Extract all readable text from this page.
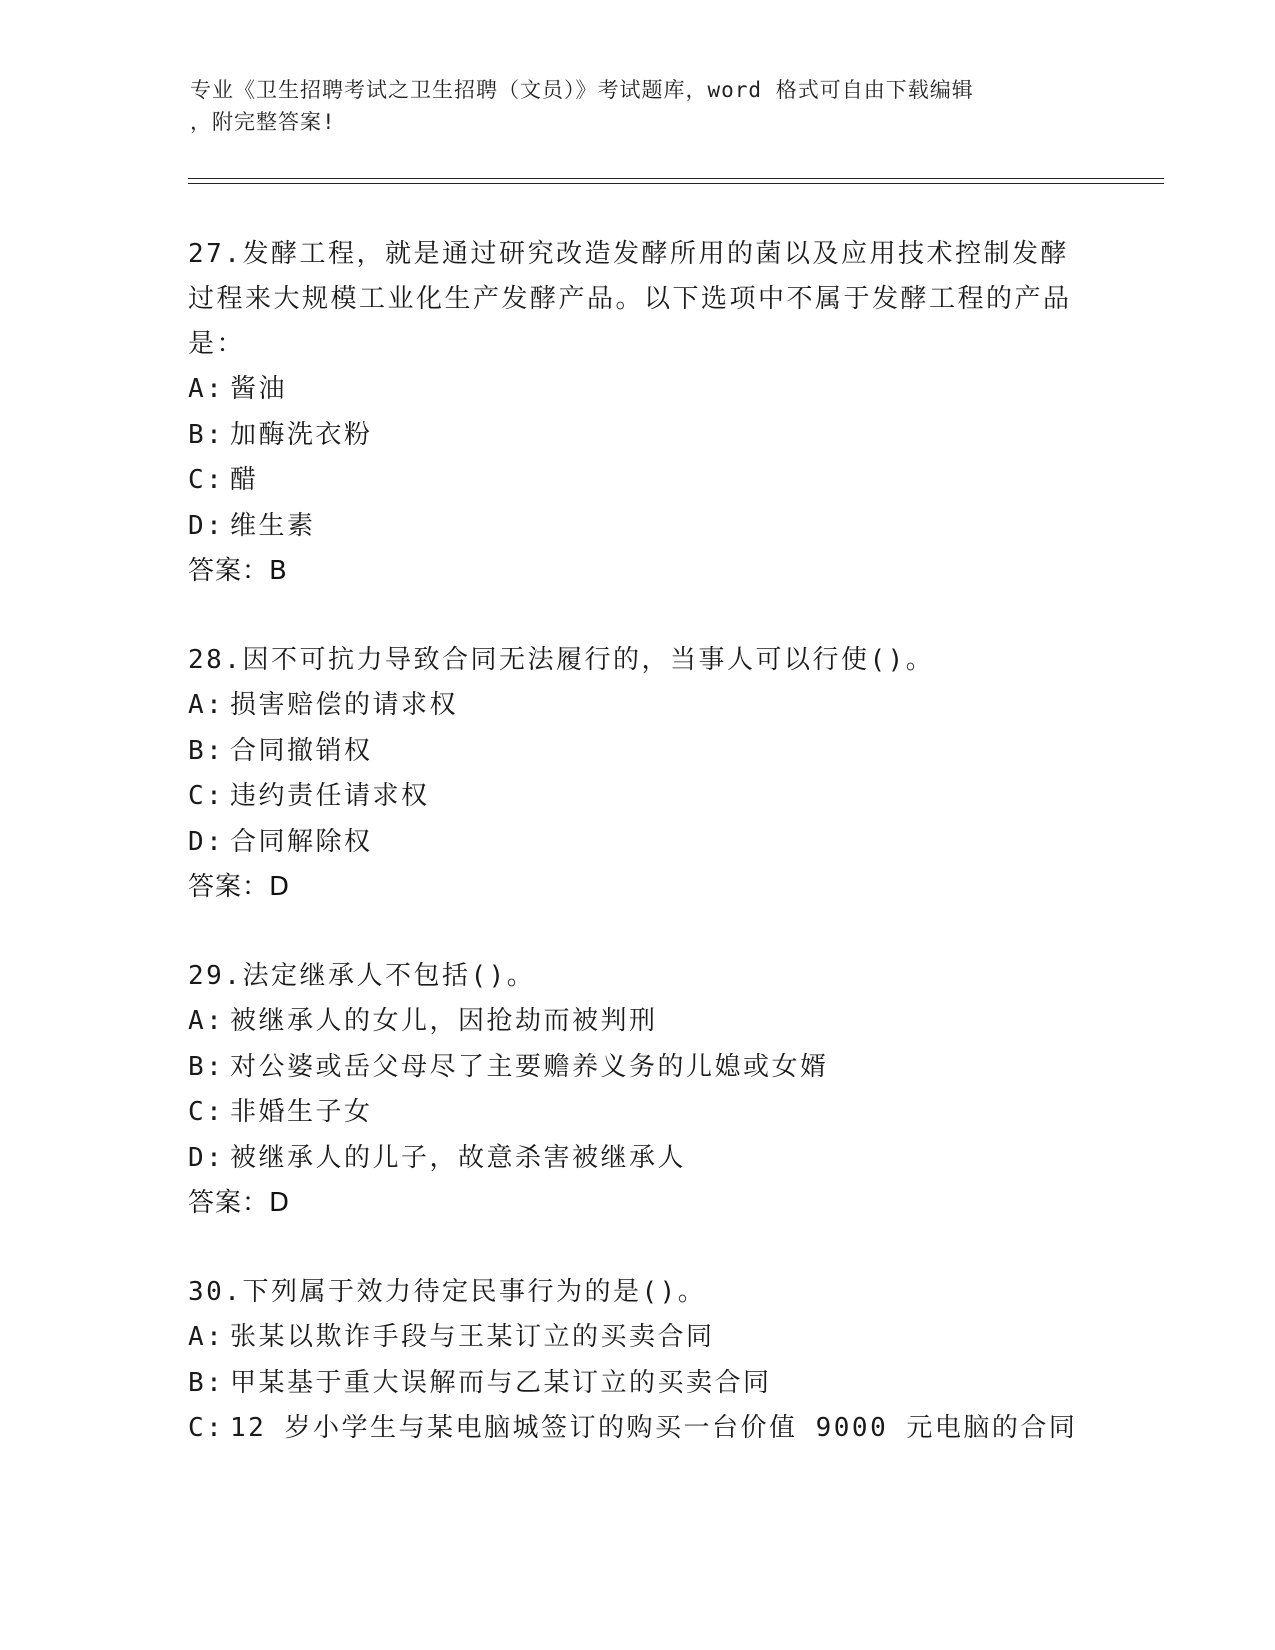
专业《卫生招聘考试之卫生招聘（文员）》考试题库，word 格式可自由下载编辑
，附完整答案!
27.发酵工程，就是通过研究改造发酵所用的菌以及应用技术控制发酵过程来大规模工业化生产发酵产品。以下选项中不属于发酵工程的产品是：
A: 酱油
B: 加酶洗衣粉
C: 醋
D: 维生素
答案：B
28.因不可抗力导致合同无法履行的，当事人可以行使()。
A: 损害赔偿的请求权
B: 合同撤销权
C: 违约责任请求权
D: 合同解除权
答案：D
29.法定继承人不包括()。
A: 被继承人的女儿，因抢劫而被判刑
B: 对公婆或岳父母尽了主要赡养义务的儿媳或女婿
C: 非婚生子女
D: 被继承人的儿子，故意杀害被继承人
答案：D
30.下列属于效力待定民事行为的是()。
A: 张某以欺诈手段与王某订立的买卖合同
B: 甲某基于重大误解而与乙某订立的买卖合同
C: 12 岁小学生与某电脑城签订的购买一台价值 9000 元电脑的合同
